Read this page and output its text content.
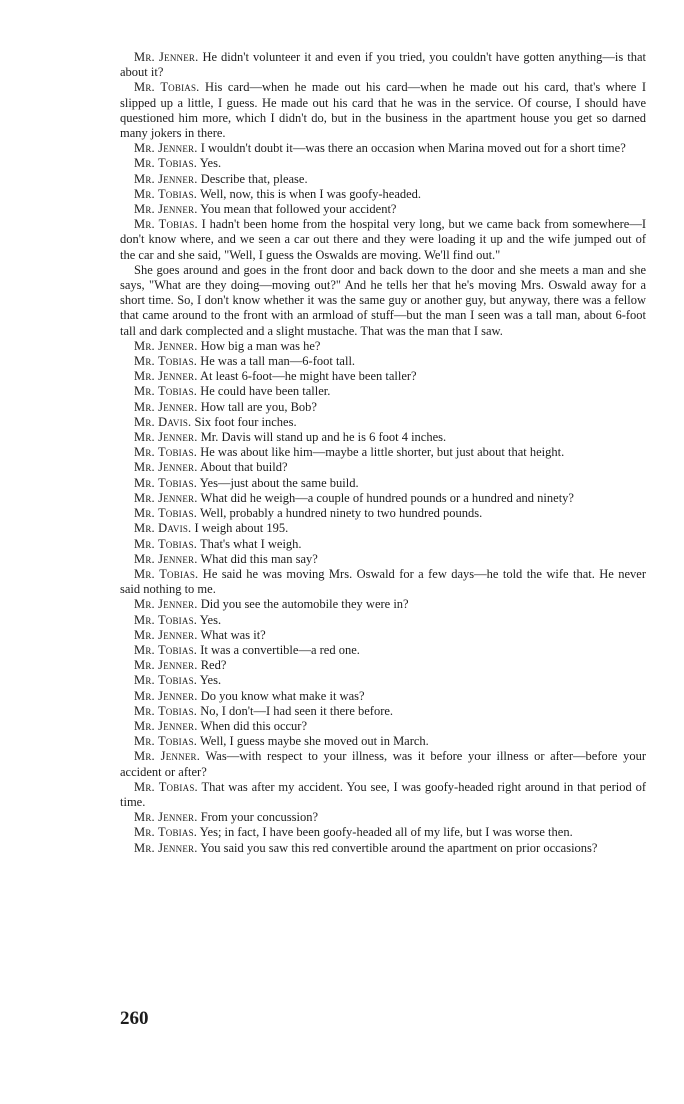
Mr. Jenner. He didn't volunteer it and even if you tried, you couldn't have gotten anything—is that about it?

Mr. Tobias. His card—when he made out his card—when he made out his card, that's where I slipped up a little, I guess. He made out his card that he was in the service. Of course, I should have questioned him more, which I didn't do, but in the business in the apartment house you get so darned many jokers in there.

Mr. Jenner. I wouldn't doubt it—was there an occasion when Marina moved out for a short time?

Mr. Tobias. Yes.

Mr. Jenner. Describe that, please.

Mr. Tobias. Well, now, this is when I was goofy-headed.

Mr. Jenner. You mean that followed your accident?

Mr. Tobias. I hadn't been home from the hospital very long, but we came back from somewhere—I don't know where, and we seen a car out there and they were loading it up and the wife jumped out of the car and she said, "Well, I guess the Oswalds are moving. We'll find out."

She goes around and goes in the front door and back down to the door and she meets a man and she says, "What are they doing—moving out?" And he tells her that he's moving Mrs. Oswald away for a short time. So, I don't know whether it was the same guy or another guy, but anyway, there was a fellow that came around to the front with an armload of stuff—but the man I seen was a tall man, about 6-foot tall and dark complected and a slight mustache. That was the man that I saw.

Mr. Jenner. How big a man was he?

Mr. Tobias. He was a tall man—6-foot tall.

Mr. Jenner. At least 6-foot—he might have been taller?

Mr. Tobias. He could have been taller.

Mr. Jenner. How tall are you, Bob?

Mr. Davis. Six foot four inches.

Mr. Jenner. Mr. Davis will stand up and he is 6 foot 4 inches.

Mr. Tobias. He was about like him—maybe a little shorter, but just about that height.

Mr. Jenner. About that build?

Mr. Tobias. Yes—just about the same build.

Mr. Jenner. What did he weigh—a couple of hundred pounds or a hundred and ninety?

Mr. Tobias. Well, probably a hundred ninety to two hundred pounds.

Mr. Davis. I weigh about 195.

Mr. Tobias. That's what I weigh.

Mr. Jenner. What did this man say?

Mr. Tobias. He said he was moving Mrs. Oswald for a few days—he told the wife that. He never said nothing to me.

Mr. Jenner. Did you see the automobile they were in?

Mr. Tobias. Yes.

Mr. Jenner. What was it?

Mr. Tobias. It was a convertible—a red one.

Mr. Jenner. Red?

Mr. Tobias. Yes.

Mr. Jenner. Do you know what make it was?

Mr. Tobias. No, I don't—I had seen it there before.

Mr. Jenner. When did this occur?

Mr. Tobias. Well, I guess maybe she moved out in March.

Mr. Jenner. Was—with respect to your illness, was it before your illness or after—before your accident or after?

Mr. Tobias. That was after my accident. You see, I was goofy-headed right around in that period of time.

Mr. Jenner. From your concussion?

Mr. Tobias. Yes; in fact, I have been goofy-headed all of my life, but I was worse then.

Mr. Jenner. You said you saw this red convertible around the apartment on prior occasions?

260
